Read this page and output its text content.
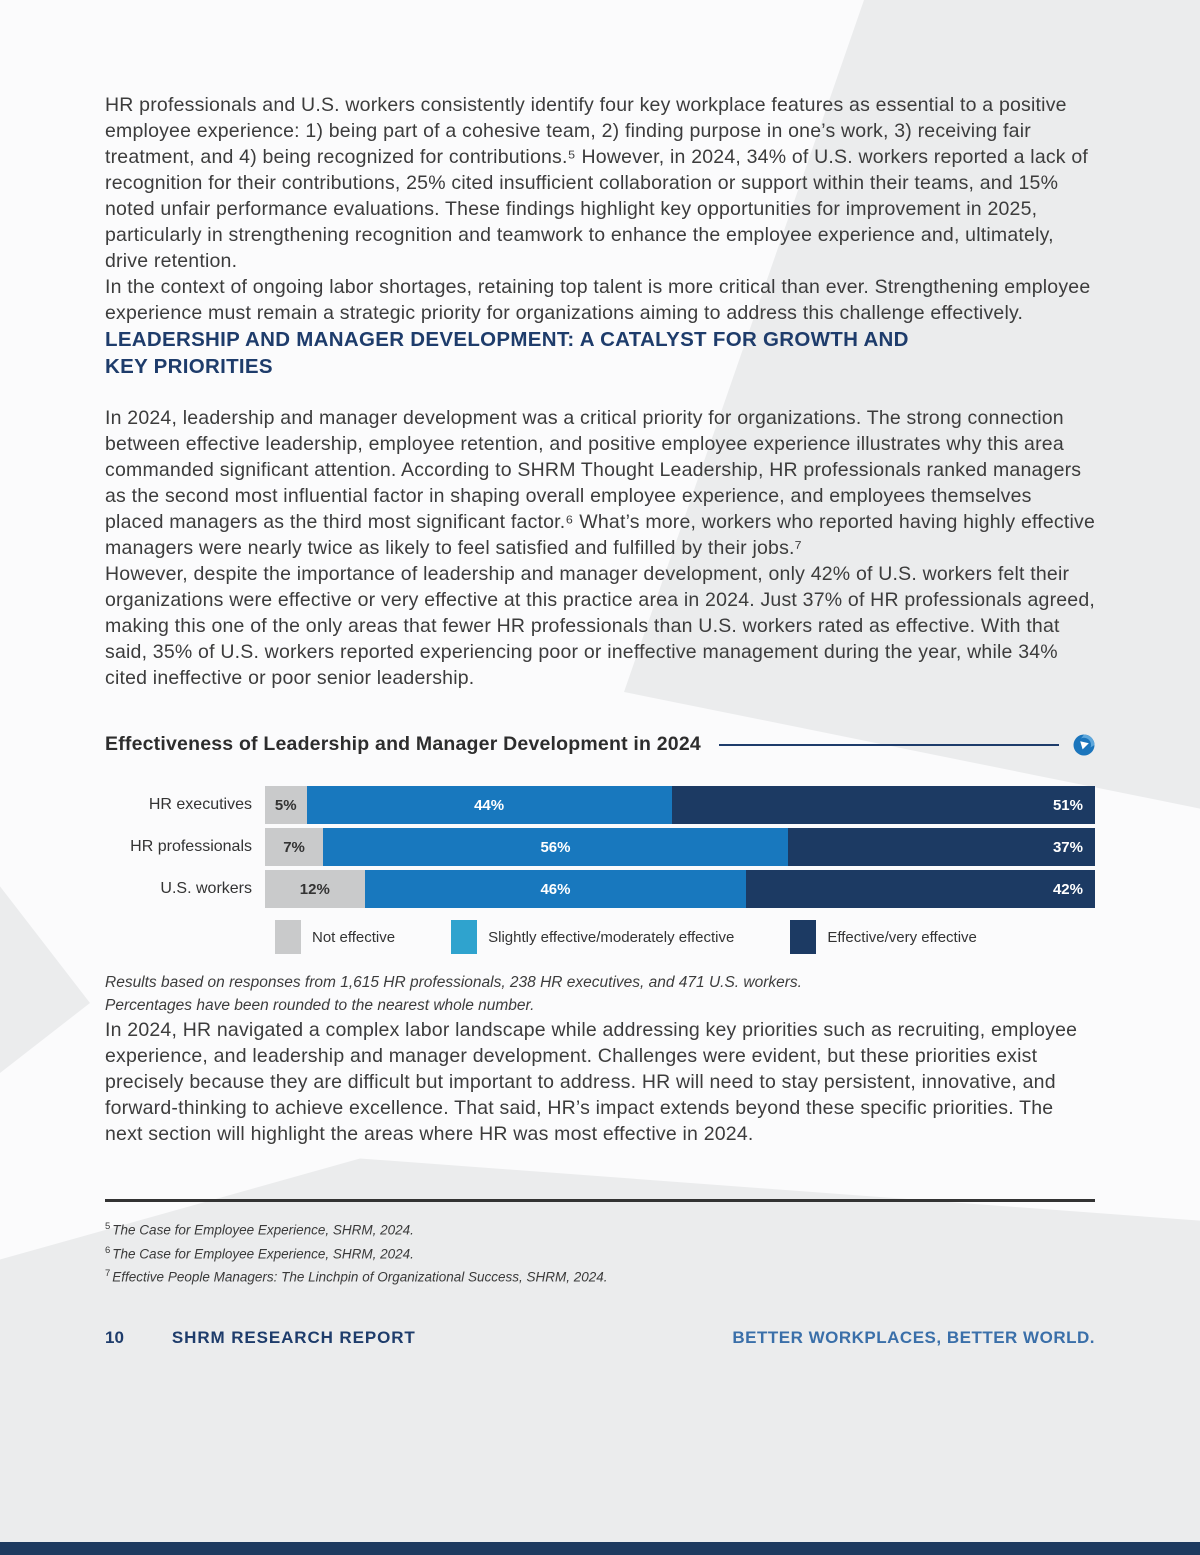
HR professionals and U.S. workers consistently identify four key workplace features as essential to a positive employee experience: 1) being part of a cohesive team, 2) finding purpose in one’s work, 3) receiving fair treatment, and 4) being recognized for contributions.⁵ However, in 2024, 34% of U.S. workers reported a lack of recognition for their contributions, 25% cited insufficient collaboration or support within their teams, and 15% noted unfair performance evaluations. These findings highlight key opportunities for improvement in 2025, particularly in strengthening recognition and teamwork to enhance the employee experience and, ultimately, drive retention.

In the context of ongoing labor shortages, retaining top talent is more critical than ever. Strengthening employee experience must remain a strategic priority for organizations aiming to address this challenge effectively.

LEADERSHIP AND MANAGER DEVELOPMENT: A CATALYST FOR GROWTH AND
KEY PRIORITIES

In 2024, leadership and manager development was a critical priority for organizations. The strong connection between effective leadership, employee retention, and positive employee experience illustrates why this area commanded significant attention. According to SHRM Thought Leadership, HR professionals ranked managers as the second most influential factor in shaping overall employee experience, and employees themselves placed managers as the third most significant factor.⁶ What’s more, workers who reported having highly effective managers were nearly twice as likely to feel satisfied and fulfilled by their jobs.⁷

However, despite the importance of leadership and manager development, only 42% of U.S. workers felt their organizations were effective or very effective at this practice area in 2024. Just 37% of HR professionals agreed, making this one of the only areas that fewer HR professionals than U.S. workers rated as effective. With that said, 35% of U.S. workers reported experiencing poor or ineffective management during the year, while 34% cited ineffective or poor senior leadership.

Effectiveness of Leadership and Manager Development in 2024
HR executives	5%	44%	51%
HR professionals	7%	56%	37%
U.S. workers	12%	46%	42%
Not effective	Slightly effective/moderately effective	Effective/very effective
Results based on responses from 1,615 HR professionals, 238 HR executives, and 471 U.S. workers.
Percentages have been rounded to the nearest whole number.

In 2024, HR navigated a complex labor landscape while addressing key priorities such as recruiting, employee experience, and leadership and manager development. Challenges were evident, but these priorities exist precisely because they are difficult but important to address. HR will need to stay persistent, innovative, and forward-thinking to achieve excellence. That said, HR’s impact extends beyond these specific priorities. The next section will highlight the areas where HR was most effective in 2024.

$^5$ The Case for Employee Experience, SHRM, 2024.
$^6$ The Case for Employee Experience, SHRM, 2024.
$^7$ Effective People Managers: The Linchpin of Organizational Success, SHRM, 2024.
10	SHRM RESEARCH REPORT	BETTER WORKPLACES, BETTER WORLD.
